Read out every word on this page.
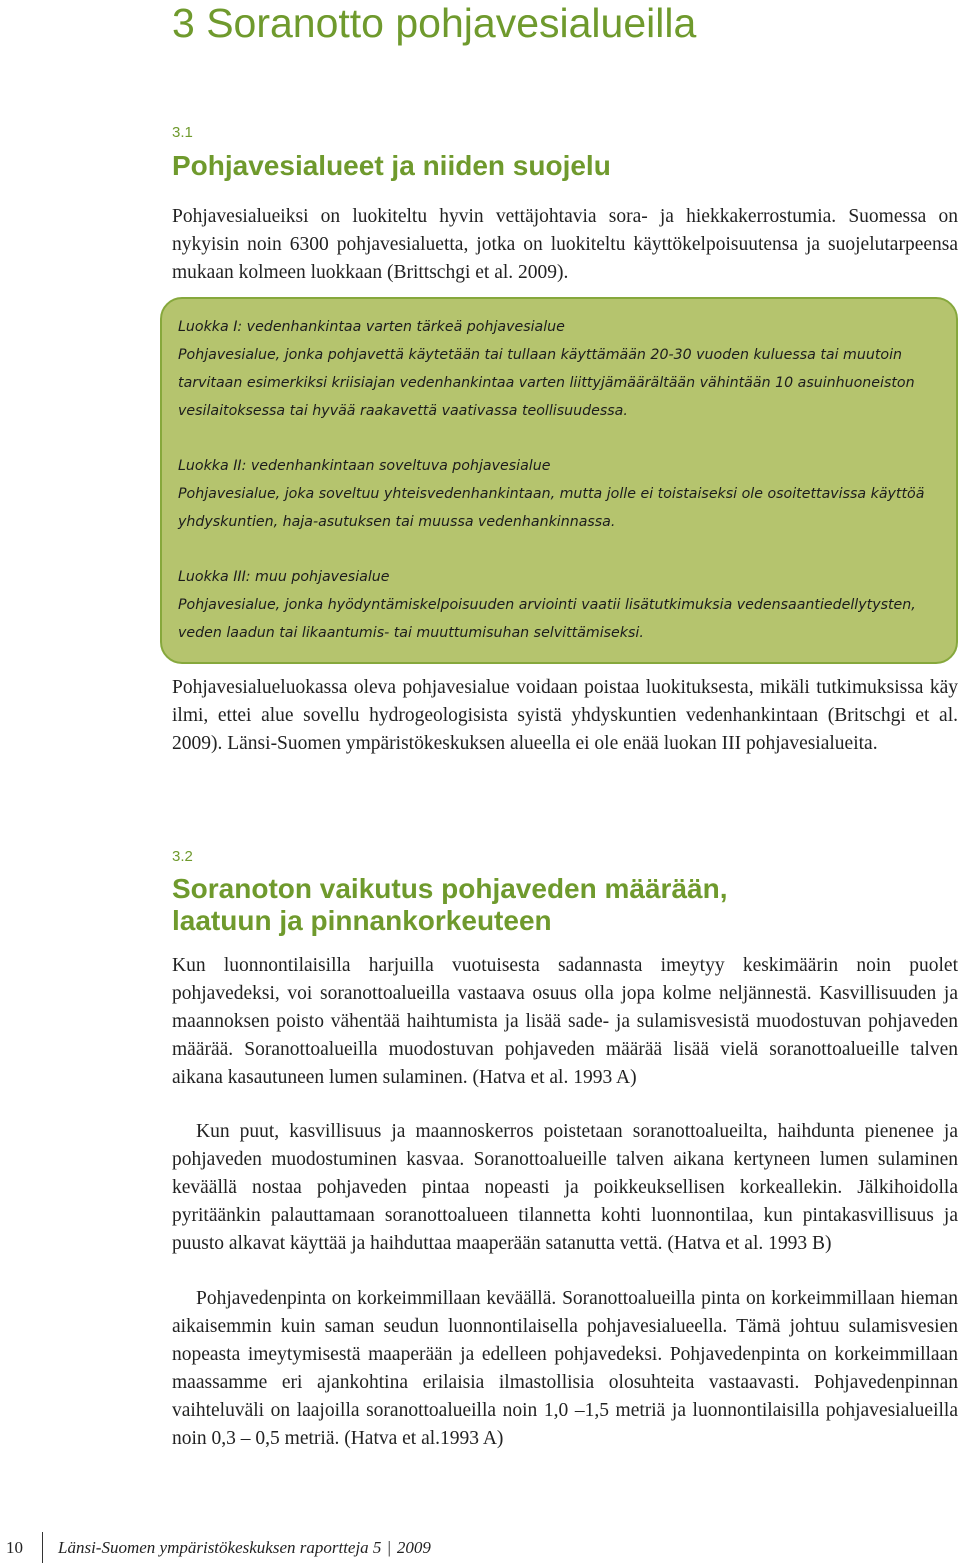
3 Soranotto pohjavesialueilla
3.1
Pohjavesialueet ja niiden suojelu

Pohjavesialueiksi on luokiteltu hyvin vettäjohtavia sora- ja hiekkakerrostumia. Suomessa on nykyisin noin 6300 pohjavesialuetta, jotka on luokiteltu käyttökelpoisuutensa ja suojelutarpeensa mukaan kolmeen luokkaan (Brittschgi et al. 2009).

Luokka I: vedenhankintaa varten tärkeä pohjavesialue

Pohjavesialue, jonka pohjavettä käytetään tai tullaan käyttämään 20-30 vuoden kuluessa tai muutoin tarvitaan esimerkiksi kriisiajan vedenhankintaa varten liittyjämäärältään vähintään 10 asuinhuoneiston vesilaitoksessa tai hyvää raakavettä vaativassa teollisuudessa.

Luokka II: vedenhankintaan soveltuva pohjavesialue

Pohjavesialue, joka soveltuu yhteisvedenhankintaan, mutta jolle ei toistaiseksi ole osoitettavissa käyttöä yhdyskuntien, haja-asutuksen tai muussa vedenhankinnassa.

Luokka III: muu pohjavesialue

Pohjavesialue, jonka hyödyntämiskelpoisuuden arviointi vaatii lisätutkimuksia vedensaantiedellytysten, veden laadun tai likaantumis- tai muuttumisuhan selvittämiseksi.

Pohjavesialueluokassa oleva pohjavesialue voidaan poistaa luokituksesta, mikäli tutkimuksissa käy ilmi, ettei alue sovellu hydrogeologisista syistä yhdyskuntien vedenhankintaan (Britschgi et al. 2009). Länsi-Suomen ympäristökeskuksen alueella ei ole enää luokan III pohjavesialueita.

3.2
Soranoton vaikutus pohjaveden määrään,
laatuun ja pinnankorkeuteen

Kun luonnontilaisilla harjuilla vuotuisesta sadannasta imeytyy keskimäärin noin puolet pohjavedeksi, voi soranottoalueilla vastaava osuus olla jopa kolme neljännestä. Kasvillisuuden ja maannoksen poisto vähentää haihtumista ja lisää sade- ja sulamisvesistä muodostuvan pohjaveden määrää. Soranottoalueilla muodostuvan pohjaveden määrää lisää vielä soranottoalueille talven aikana kasautuneen lumen sulaminen. (Hatva et al. 1993 A)

Kun puut, kasvillisuus ja maannoskerros poistetaan soranottoalueilta, haihdunta pienenee ja pohjaveden muodostuminen kasvaa. Soranottoalueille talven aikana kertyneen lumen sulaminen keväällä nostaa pohjaveden pintaa nopeasti ja poikkeuksellisen korkeallekin. Jälkihoidolla pyritäänkin palauttamaan soranottoalueen tilannetta kohti luonnontilaa, kun pintakasvillisuus ja puusto alkavat käyttää ja haihduttaa maaperään satanutta vettä. (Hatva et al. 1993 B)

Pohjavedenpinta on korkeimmillaan keväällä. Soranottoalueilla pinta on korkeimmillaan hieman aikaisemmin kuin saman seudun luonnontilaisella pohjavesialueella. Tämä johtuu sulamisvesien nopeasta imeytymisestä maaperään ja edelleen pohjavedeksi. Pohjavedenpinta on korkeimmillaan maassamme eri ajankohtina erilaisia ilmastollisia olosuhteita vastaavasti. Pohjavedenpinnan vaihteluväli on laajoilla soranottoalueilla noin 1,0 –1,5 metriä ja luonnontilaisilla pohjavesialueilla noin 0,3 – 0,5 metriä. (Hatva et al.1993 A)

10 Länsi-Suomen ympäristökeskuksen raportteja 5 | 2009
